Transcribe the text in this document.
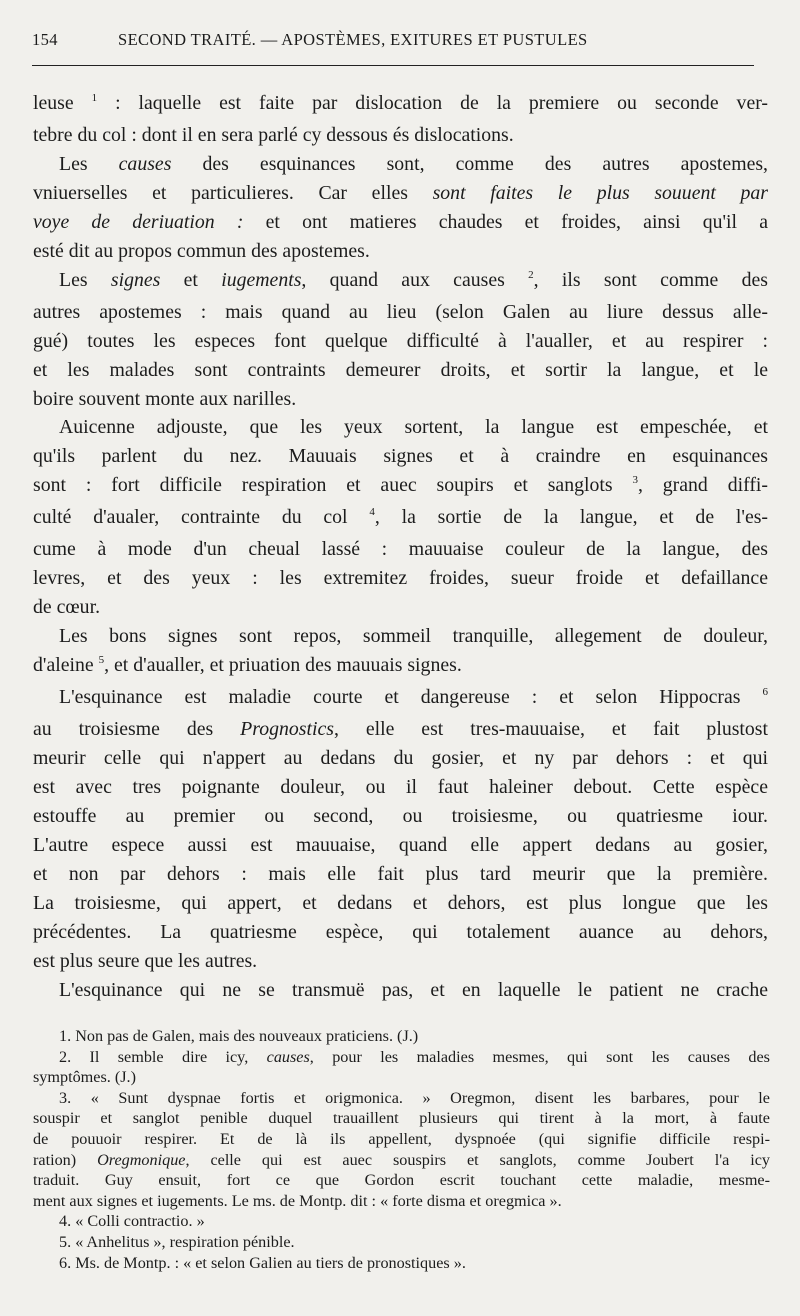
154	SECOND TRAITÉ. — APOSTÈMES, EXITURES ET PUSTULES
leuse $^1$ : laquelle est faite par dislocation de la premiere ou seconde ver-
tebre du col : dont il en sera parlé cy dessous és dislocations.
Les causes des esquinances sont, comme des autres apostemes,
vniuerselles et particulieres. Car elles sont faites le plus souuent par
voye de deriuation : et ont matieres chaudes et froides, ainsi qu'il a
esté dit au propos commun des apostemes.
Les signes et iugements, quand aux causes $^2$, ils sont comme des
autres apostemes : mais quand au lieu (selon Galen au liure dessus alle-
gué) toutes les especes font quelque difficulté à l'aualler, et au respirer :
et les malades sont contraints demeurer droits, et sortir la langue, et le
boire souvent monte aux narilles.
Auicenne adjouste, que les yeux sortent, la langue est empeschée, et
qu'ils parlent du nez. Mauuais signes et à craindre en esquinances
sont : fort difficile respiration et auec soupirs et sanglots $^3$, grand diffi-
culté d'aualer, contrainte du col $^4$, la sortie de la langue, et de l'es-
cume à mode d'un cheual lassé : mauuaise couleur de la langue, des
levres, et des yeux : les extremitez froides, sueur froide et defaillance
de cœur.
Les bons signes sont repos, sommeil tranquille, allegement de douleur,
d'aleine $^5$, et d'aualler, et priuation des mauuais signes.
L'esquinance est maladie courte et dangereuse : et selon Hippocras $^6$
au troisiesme des Prognostics, elle est tres-mauuaise, et fait plustost
meurir celle qui n'appert au dedans du gosier, et ny par dehors : et qui
est avec tres poignante douleur, ou il faut haleiner debout. Cette espèce
estouffe au premier ou second, ou troisiesme, ou quatriesme iour.
L'autre espece aussi est mauuaise, quand elle appert dedans au gosier,
et non par dehors : mais elle fait plus tard meurir que la première.
La troisiesme, qui appert, et dedans et dehors, est plus longue que les
précédentes. La quatriesme espèce, qui totalement auance au dehors,
est plus seure que les autres.
L'esquinance qui ne se transmuë pas, et en laquelle le patient ne crache
1. Non pas de Galen, mais des nouveaux praticiens. (J.)
2. Il semble dire icy, causes, pour les maladies mesmes, qui sont les causes des
symptômes. (J.)
3. « Sunt dyspnae fortis et origmonica. » Oregmon, disent les barbares, pour le
souspir et sanglot penible duquel trauaillent plusieurs qui tirent à la mort, à faute
de pouuoir respirer. Et de là ils appellent, dyspnoée (qui signifie difficile respi-
ration) Oregmonique, celle qui est auec souspirs et sanglots, comme Joubert l'a icy
traduit. Guy ensuit, fort ce que Gordon escrit touchant cette maladie, mesme-
ment aux signes et iugements. Le ms. de Montp. dit : « forte disma et oregmica ».
4. « Colli contractio. »
5. « Anhelitus », respiration pénible.
6. Ms. de Montp. : « et selon Galien au tiers de pronostiques ».
